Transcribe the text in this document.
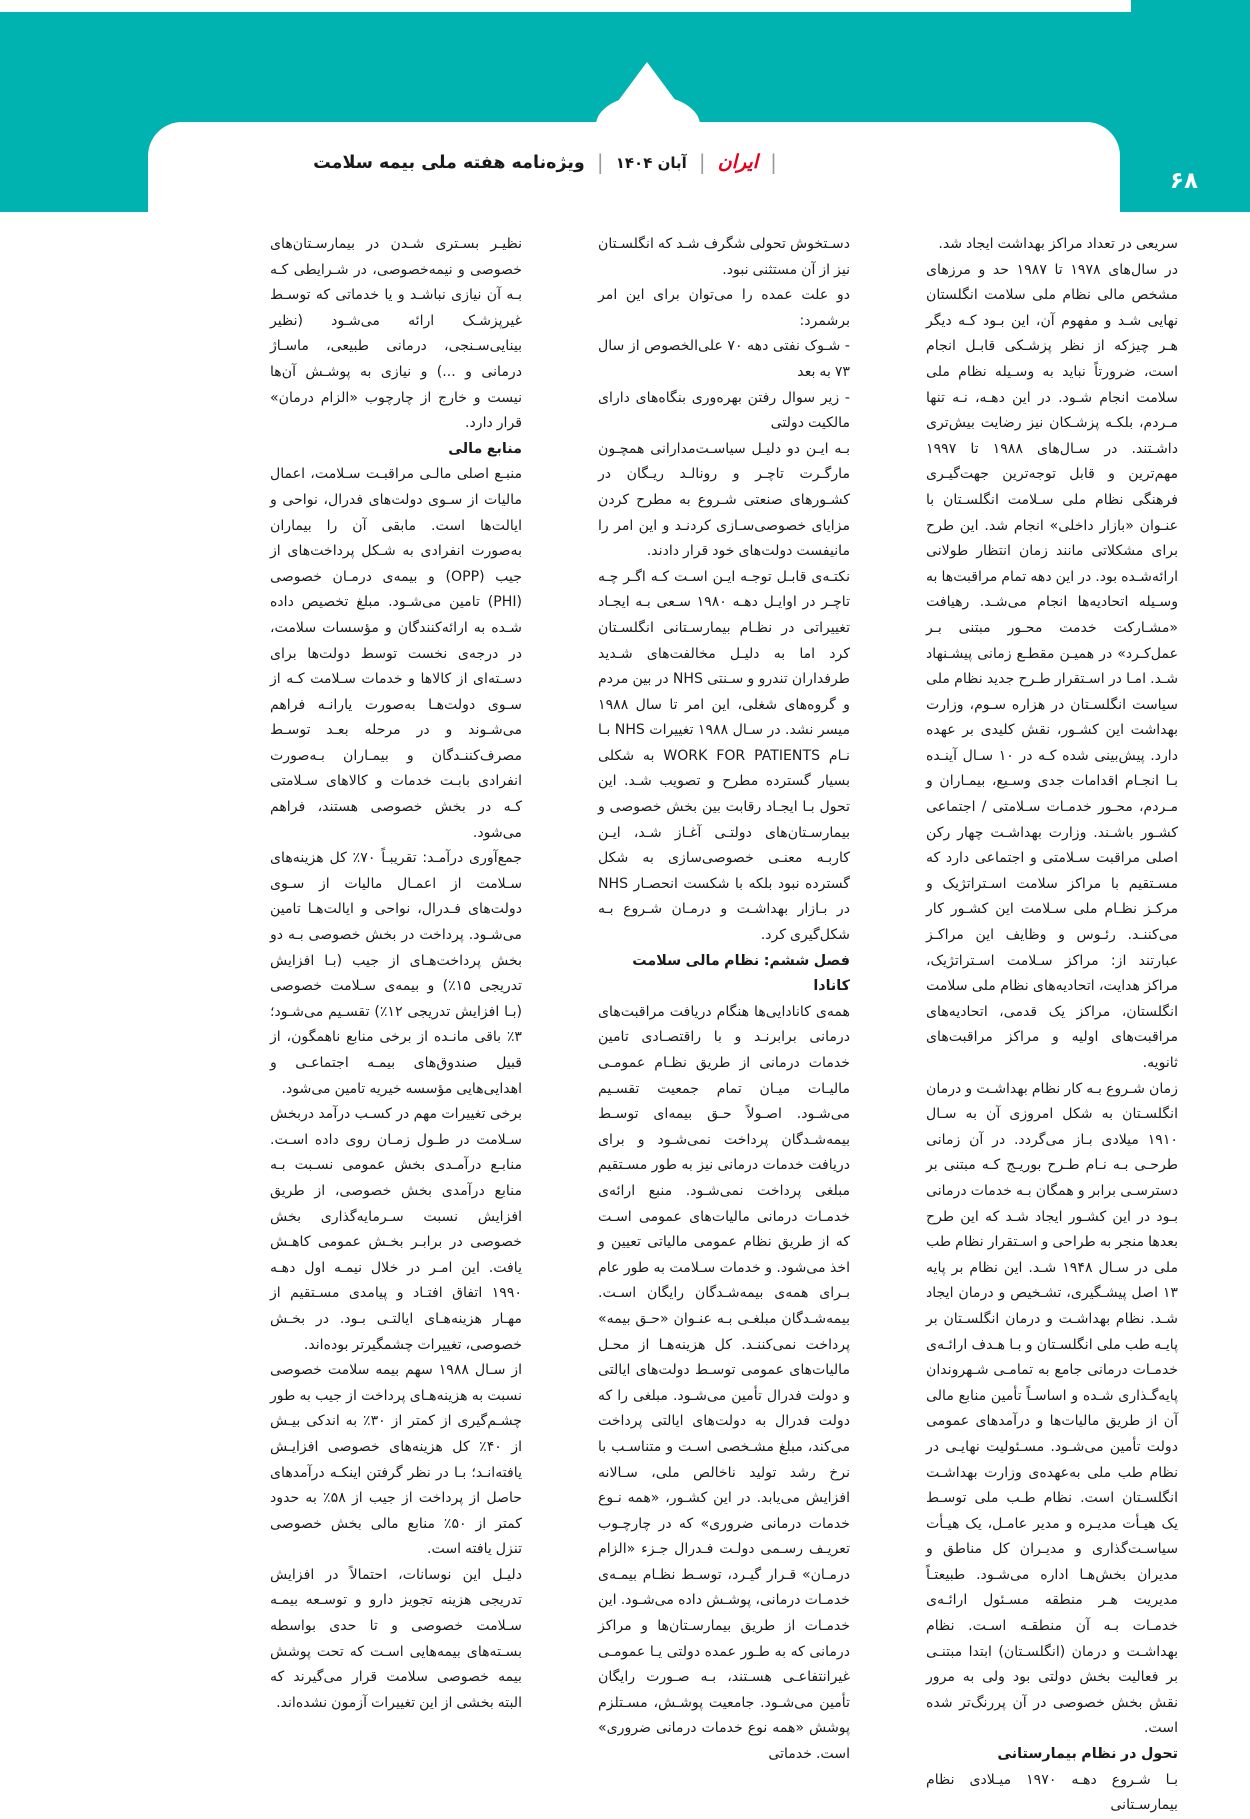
| ایران | آبان ۱۴۰۴ | ویژه‌نامه هفته ملی بیمه سلامت
۶۸

سریعی در تعداد مراکز بهداشت ایجاد شد.

در سال‌های ۱۹۷۸ تا ۱۹۸۷ حد و مرزهای مشخص مالی نظام ملی سلامت انگلستان نهایی شـد و مفهوم آن، این بـود کـه دیگر هـر چیزکه از نظر پزشـکی قابـل انجام است، ضرورتاً نباید به وسـیله نظام ملی سلامت انجام شـود. در این دهـه، نـه تنها مـردم، بلکـه پزشـکان نیز رضایت بیش‌تری داشـتند. در سـال‌های ۱۹۸۸ تا ۱۹۹۷ مهم‌ترین و قابل توجه‌ترین جهت‌گیـری فرهنگی نظام ملی سـلامت انگلسـتان با عنـوان «بازار داخلی» انجام شد. این طرح برای مشکلاتی مانند زمان انتظار طولانی ارائه‌شـده بود. در این دهه تمام مراقبت‌ها به وسـیله اتحادیه‌ها انجام می‌شـد. رهیافت «مشـارکت خدمت محـور مبتنی بـر عمل‌کـرد» در همیـن مقطـع زمانی پیشـنهاد شـد. امـا در اسـتقرار طـرح جدید نظام ملی سیاست انگلسـتان در هزاره سـوم، وزارت بهداشت این کشـور، نقش کلیدی بر عهده دارد. پیش‌بینی شده کـه در ۱۰ سـال آینـده بـا انجـام اقدامات جدی وسـیع، بیمـاران و مـردم، محـور خدمـات سـلامتی / اجتماعی کشـور باشـند. وزارت بهداشـت چهار رکن اصلی مراقبت سـلامتی و اجتماعی دارد که مسـتقیم با مراکز سلامت اسـتراتژیک و مرکـز نظـام ملی سـلامت این کشـور کار می‌کننـد. رئـوس و وظایف این مراکـز عبارتند از: مراکز سـلامت اسـتراتژیک، مراکز هدایت، اتحادیه‌های نظام ملی سلامت انگلستان، مراکز یک قدمی، اتحادیه‌های مراقبت‌های اولیه و مراکز مراقبت‌های ثانویه.

زمان شـروع بـه کار نظام بهداشـت و درمان انگلسـتان به شکل امروزی آن به سـال ۱۹۱۰ میلادی بـاز می‌گردد. در آن زمانی طرحـی بـه نـام طـرح بوریـج کـه مبتنی بر دسترسـی برابر و همگان بـه خدمات درمانی بـود در این کشـور ایجاد شـد که این طرح بعدها منجر به طراحی و اسـتقرار نظام طب ملی در سـال ۱۹۴۸ شـد. این نظام بر پایه ۱۳ اصل پیشـگیری، تشـخیص و درمان ایجاد شـد. نظام بهداشـت و درمان انگلسـتان بر پایـه طب ملی انگلسـتان و بـا هـدف ارائـه‌ی خدمـات درمانی جامع به تمامـی شـهروندان پایه‌گـذاری شـده و اساسـاً تأمین منابع مالی آن از طریق مالیات‌ها و درآمدهای عمومی دولت تأمین می‌شـود. مسـئولیت نهایـی در نظام طب ملی به‌عهده‌ی وزارت بهداشـت انگلسـتان است. نظام طـب ملی توسـط یک هیـأت مدیـره و مدیر عامـل، یک هیـأت سیاسـت‌گذاری و مدیـران کل مناطق و مدیران بخش‌هـا اداره می‌شـود. طبیعتـاً مدیریت هـر منطقه مسـئول ارائـه‌ی خدمـات بـه آن منطقـه اسـت. نظام بهداشـت و درمان (انگلسـتان) ابتدا مبتنـی بر فعالیت بخش دولتی بود ولی به مرور نقش بخش خصوصی در آن پررنگ‌تر شده است.

تحول در نظام بیمارستانی

بـا شـروع دهـه ۱۹۷۰ میـلادی نظام بیمارسـتانی

دسـتخوش تحولی شگرف شـد که انگلسـتان نیز از آن مستثنی نبود.

دو علت عمده را می‌توان برای این امر برشمرد:

- شـوک نفتی دهه ۷۰ علی‌الخصوص از سال ۷۳ به بعد

- زیر سوال رفتن بهره‌وری بنگاه‌های دارای مالکیت دولتی

بـه ایـن دو دلیـل سیاسـت‌مدارانی همچـون مارگـرت تاچـر و رونالـد ریـگان در کشـورهای صنعتی شـروع به مطرح کردن مزایای خصوصی‌سـازی کردنـد و این امر را مانیفست دولت‌های خود قرار دادند.

نکتـه‌ی قابـل توجـه ایـن اسـت کـه اگـر چـه تاچـر در اوایـل دهـه ۱۹۸۰ سـعی بـه ایجـاد تغییراتی در نظـام بیمارسـتانی انگلسـتان کرد اما به دلیـل مخالفت‌های شـدید طرفداران تندرو و سـنتی NHS در بین مردم و گروه‌های شغلی، این امر تا سال ۱۹۸۸ میسر نشد. در سـال ۱۹۸۸ تغییرات NHS بـا نـام WORK FOR PATIENTS به شکلی بسیار گسترده مطرح و تصویب شـد. این تحول بـا ایجـاد رقابت بین بخش خصوصی و بیمارسـتان‌های دولتـی آغـاز شـد، ایـن کاربـه معنـی خصوصی‌سازی به شکل گسترده نبود بلکه با شکست انحصـار NHS در بـازار بهداشـت و درمـان شـروع بـه شکل‌گیری کرد.

فصل ششم: نظام مالی سلامت کانادا

همه‌ی کانادایی‌ها هنگام دریافت مراقبت‌های درمانی برابرنـد و با راقتصـادی تامین خدمات درمانی از طریق نظـام عمومـی مالیـات میـان تمام جمعیت تقسـیم می‌شـود. اصـولاً حـق بیمه‌ای توسـط بیمه‌شـدگان پرداخت نمی‌شـود و برای دریافت خدمات درمانی نیز به طور مسـتقیم مبلغی پرداخت نمی‌شـود. منبع ارائه‌ی خدمـات درمانی مالیات‌های عمومی اسـت که از طریق نظام عمومی مالیاتی تعیین و اخذ می‌شود. و خدمات سـلامت به طور عام بـرای همه‌ی بیمه‌شـدگان رایگان اسـت. بیمه‌شـدگان مبلغـی بـه عنـوان «حـق بیمه» پرداخت نمی‌کننـد. کل هزینه‌هـا از محـل مالیات‌های عمومی توسـط دولت‌های ایالتی و دولت فدرال تأمین می‌شـود. مبلغی را که دولت فدرال به دولت‌های ایالتی پرداخت می‌کند، مبلغ مشـخصی اسـت و متناسـب با نرخ رشد تولید ناخالص ملی، سـالانه افزایش می‌یابد. در این کشـور، «همه نـوع خدمات درمانی ضروری» که در چارچـوب تعریـف رسـمی دولـت فـدرال جـزء «الزام درمـان» قـرار گیـرد، توسـط نظـام بیمـه‌ی خدمـات درمانی، پوشـش داده می‌شـود. این خدمـات از طریق بیمارسـتان‌ها و مراکز درمانی که به طـور عمده دولتی یـا عمومـی غیرانتفاعـی هسـتند، بـه صـورت رایگان تأمین می‌شـود. جامعیت پوشـش، مسـتلزم پوشش «همه نوع خدمات درمانی ضروری» است. خدماتی

نظیـر بسـتری شـدن در بیمارسـتان‌های خصوصی و نیمه‌خصوصی، در شـرایطی کـه بـه آن نیازی نباشـد و یا خدماتی که توسـط غیرپزشـک ارائه می‌شـود (نظیر بینایی‌سـنجی، درمانی طبیعی، ماسـاژ درمانی و ...) و نیازی به پوشـش آن‌ها نیست و خارج از چارچوب «الزام درمان» قرار دارد.

منابع مالی

منبـع اصلی مالـی مراقبـت سـلامت، اعمال مالیات از سـوی دولت‌های فدرال، نواحی و ایالت‌ها است. مابقی آن را بیماران به‌صورت انفرادی به شـکل پرداخت‌های از جیب (OPP) و بیمه‌ی درمـان خصوصی (PHI) تامین می‌شـود. مبلغ تخصیص داده شـده به ارائه‌کنندگان و مؤسسات سلامت، در درجه‌ی نخست توسط دولت‌ها برای دسـته‌ای از کالاها و خدمات سـلامت کـه از سـوی دولت‌هـا به‌صورت یارانـه فراهم می‌شـوند و در مرحله بعـد توسـط مصرف‌کننـدگان و بیمـاران بـه‌صورت انفرادی بابـت خدمات و کالاهای سـلامتی کـه در بخش خصوصی هستند، فراهم می‌شود.

جمع‌آوری درآمـد: تقریبـاً ۷۰٪ کل هزینه‌های سـلامت از اعمـال مالیات از سـوی دولت‌های فـدرال، نواحی و ایالت‌هـا تامین می‌شـود. پرداخت در بخش خصوصی بـه دو بخش پرداخت‌هـای از جیب (بـا افزایش تدریجی ۱۵٪) و بیمه‌ی سـلامت خصوصی (بـا افزایش تدریجی ۱۲٪) تقسـیم می‌شـود؛ ۳٪ باقی مانـده از برخی منابع ناهمگون، از قبیل صندوق‌های بیمـه اجتماعـی و اهدایی‌هایی مؤسسه خیریه تامین می‌شود.

برخی تغییرات مهم در کسـب درآمد دربخش سـلامت در طـول زمـان روی داده اسـت. منابـع درآمـدی بخش عمومی نسـبت بـه منابع درآمدی بخش خصوصی، از طریق افزایش نسبت سـرمایه‌گذاری بخش خصوصی در برابـر بخـش عمومی کاهـش یافت. این امـر در خلال نیمـه اول دهـه ۱۹۹۰ اتفاق افتـاد و پیامدی مسـتقیم از مهـار هزینه‌هـای ایالتـی بـود. در بخـش خصوصی، تغییرات چشمگیرتر بوده‌اند.

از سـال ۱۹۸۸ سهم بیمه سلامت خصوصی نسبت به هزینه‌هـای پرداخت از جیب به طور چشـم‌گیری از کمتر از ۳۰٪ به اندکی بیـش از ۴۰٪ کل هزینه‌های خصوصی افزایـش یافته‌انـد؛ بـا در نظر گرفتن اینکـه درآمدهای حاصل از پرداخت از جیب از ۵۸٪ به حدود کمتر از ۵۰٪ منابع مالی بخش خصوصی تنزل یافته است.

دلیـل این نوسانات، احتمالاً در افزایش تدریجی هزینه تجویز دارو و توسـعه بیمـه سـلامت خصوصی و تا حدی بواسطه بسـته‌های بیمه‌هایی اسـت که تحت پوشش بیمه خصوصی سلامت قرار می‌گیرند که البته بخشی از این تغییرات آزمون نشده‌اند.
